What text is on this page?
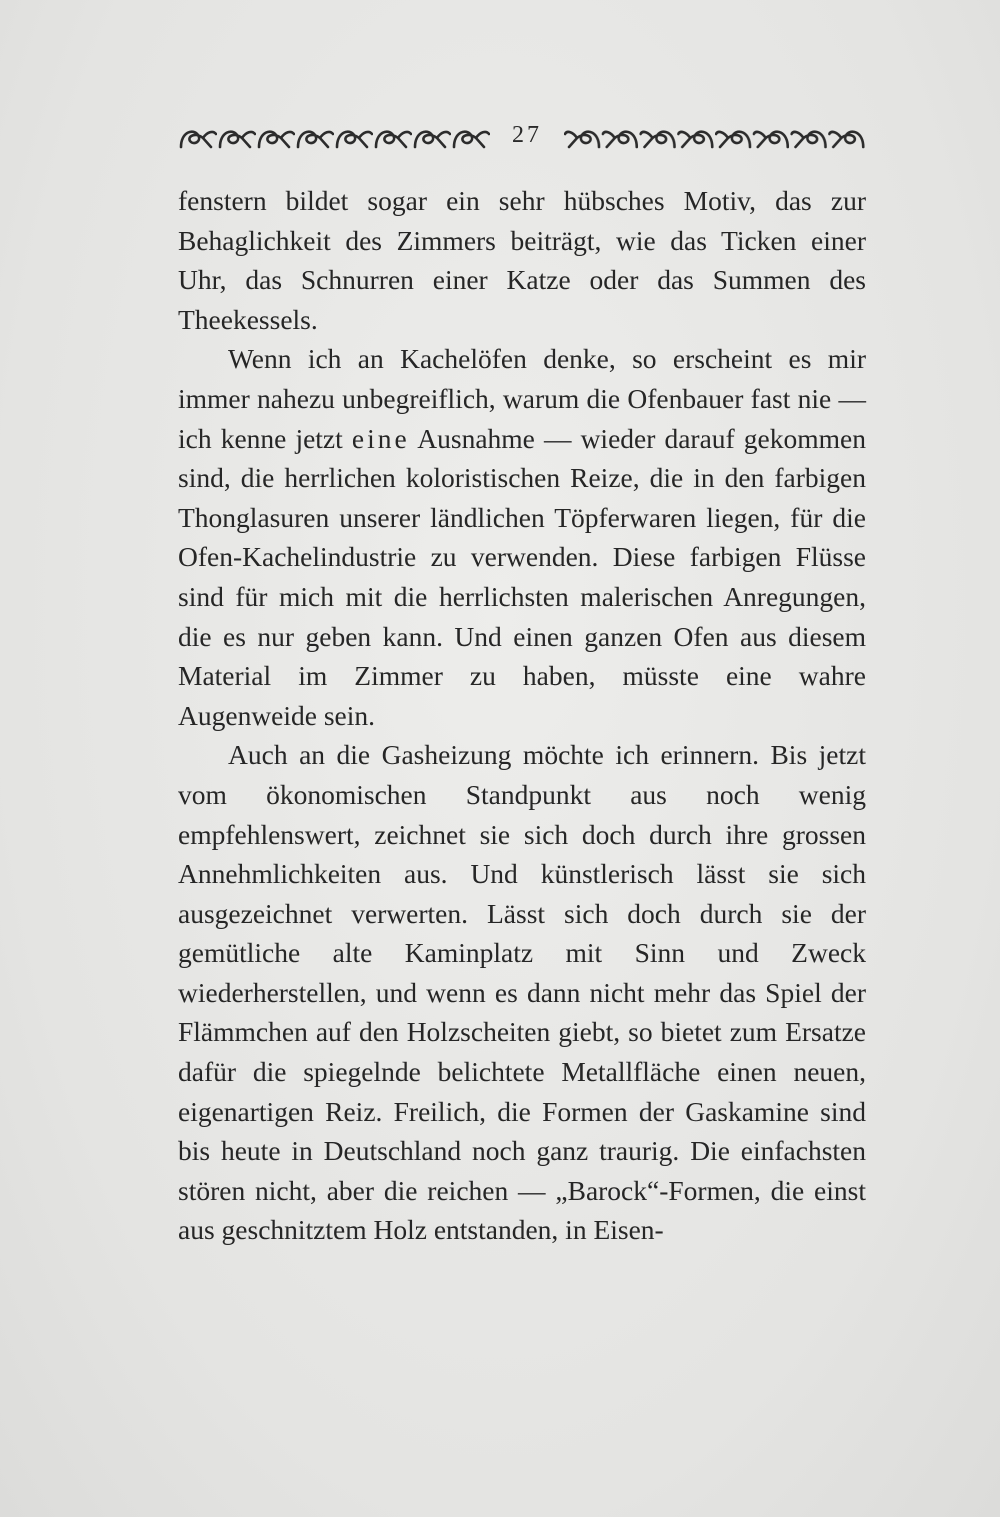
27

fenstern bildet sogar ein sehr hübsches Motiv, das zur Behaglichkeit des Zimmers beiträgt, wie das Ticken einer Uhr, das Schnurren einer Katze oder das Summen des Theekessels.

Wenn ich an Kachelöfen denke, so erscheint es mir immer nahezu unbegreiflich, warum die Ofenbauer fast nie — ich kenne jetzt eine Ausnahme — wieder darauf gekommen sind, die herrlichen koloristischen Reize, die in den farbigen Thonglasuren unserer ländlichen Töpferwaren liegen, für die Ofen-Kachelindustrie zu verwenden. Diese farbigen Flüsse sind für mich mit die herrlichsten malerischen Anregungen, die es nur geben kann. Und einen ganzen Ofen aus diesem Material im Zimmer zu haben, müsste eine wahre Augenweide sein.

Auch an die Gasheizung möchte ich erinnern. Bis jetzt vom ökonomischen Standpunkt aus noch wenig empfehlenswert, zeichnet sie sich doch durch ihre grossen Annehmlichkeiten aus. Und künstlerisch lässt sie sich ausgezeichnet verwerten. Lässt sich doch durch sie der gemütliche alte Kaminplatz mit Sinn und Zweck wiederherstellen, und wenn es dann nicht mehr das Spiel der Flämmchen auf den Holzscheiten giebt, so bietet zum Ersatze dafür die spiegelnde belichtete Metallfläche einen neuen, eigenartigen Reiz. Freilich, die Formen der Gaskamine sind bis heute in Deutschland noch ganz traurig. Die einfachsten stören nicht, aber die reichen — „Barock“-Formen, die einst aus geschnitztem Holz entstanden, in Eisen-
